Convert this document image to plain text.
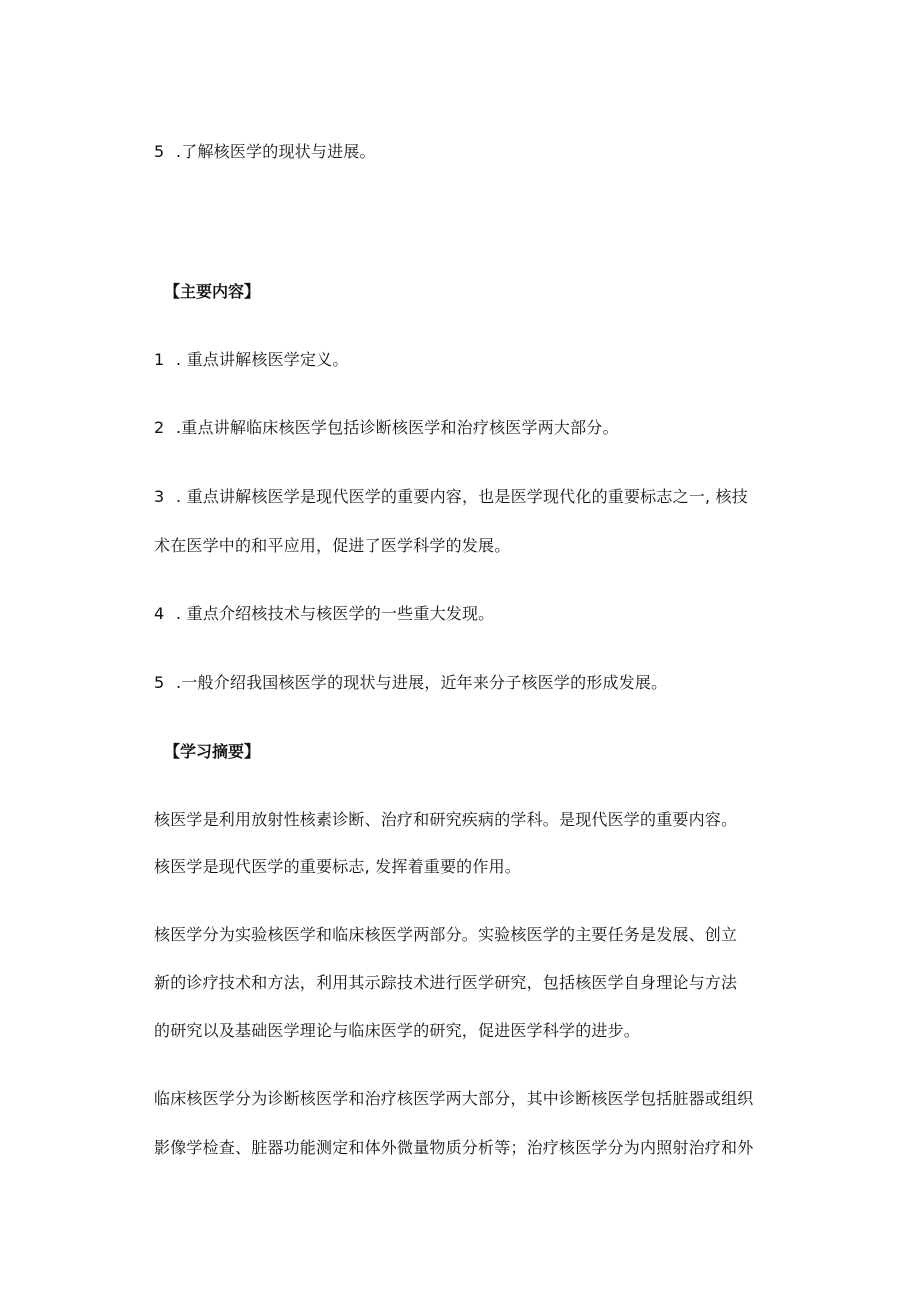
5 .了解核医学的现状与进展。
【主要内容】
1 . 重点讲解核医学定义。
2 .重点讲解临床核医学包括诊断核医学和治疗核医学两大部分。
3 . 重点讲解核医学是现代医学的重要内容，也是医学现代化的重要标志之一, 核技
术在医学中的和平应用，促进了医学科学的发展。
4 . 重点介绍核技术与核医学的一些重大发现。
5 .一般介绍我国核医学的现状与进展，近年来分子核医学的形成发展。
【学习摘要】
核医学是利用放射性核素诊断、治疗和研究疾病的学科。是现代医学的重要内容。
核医学是现代医学的重要标志, 发挥着重要的作用。
核医学分为实验核医学和临床核医学两部分。实验核医学的主要任务是发展、创立
新的诊疗技术和方法，利用其示踪技术进行医学研究，包括核医学自身理论与方法
的研究以及基础医学理论与临床医学的研究，促进医学科学的进步。
临床核医学分为诊断核医学和治疗核医学两大部分，其中诊断核医学包括脏器或组织
影像学检查、脏器功能测定和体外微量物质分析等；治疗核医学分为内照射治疗和外
